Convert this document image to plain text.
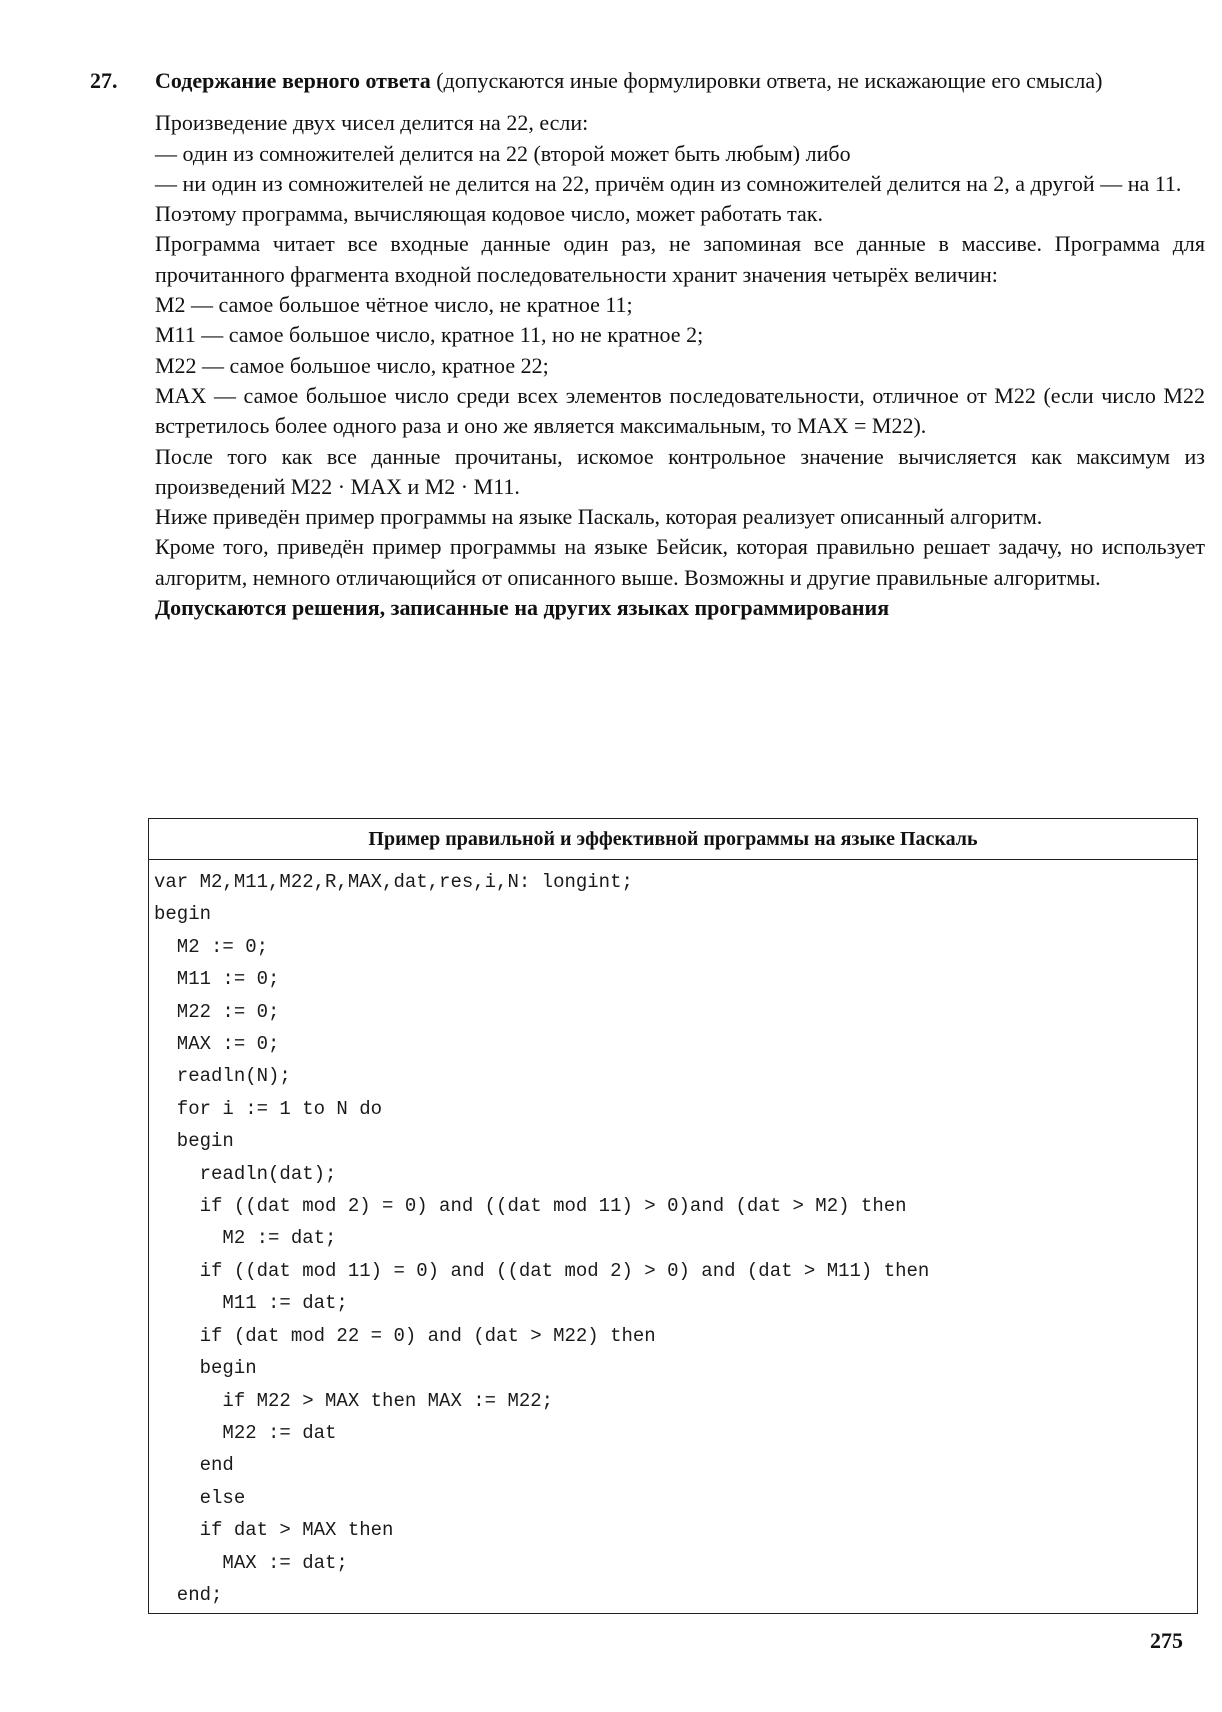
27. Содержание верного ответа (допускаются иные формулировки ответа, не искажающие его смысла)

Произведение двух чисел делится на 22, если:

— один из сомножителей делится на 22 (второй может быть любым) либо

— ни один из сомножителей не делится на 22, причём один из сомножителей делится на 2, а другой — на 11.

Поэтому программа, вычисляющая кодовое число, может работать так.

Программа читает все входные данные один раз, не запоминая все данные в массиве. Программа для прочитанного фрагмента входной последовательности хранит значения четырёх величин:

M2 — самое большое чётное число, не кратное 11;

M11 — самое большое число, кратное 11, но не кратное 2;

M22 — самое большое число, кратное 22;

MAX — самое большое число среди всех элементов последовательности, отличное от M22 (если число M22 встретилось более одного раза и оно же является максимальным, то MAX = M22).

После того как все данные прочитаны, искомое контрольное значение вычисляется как максимум из произведений M22 · MAX и M2 · M11.

Ниже приведён пример программы на языке Паскаль, которая реализует описанный алгоритм.

Кроме того, приведён пример программы на языке Бейсик, которая правильно решает задачу, но использует алгоритм, немного отличающийся от описанного выше. Возможны и другие правильные алгоритмы.

Допускаются решения, записанные на других языках программирования

Пример правильной и эффективной программы на языке Паскаль
var M2,M11,M22,R,MAX,dat,res,i,N: longint;
begin
M2 := 0;
M11 := 0;
M22 := 0;
MAX := 0;
readln(N);
for i := 1 to N do
begin
readln(dat);
if ((dat mod 2) = 0) and ((dat mod 11) > 0)and (dat > M2) then
M2 := dat;
if ((dat mod 11) = 0) and ((dat mod 2) > 0) and (dat > M11) then
M11 := dat;
if (dat mod 22 = 0) and (dat > M22) then
begin
if M22 > MAX then MAX := M22;
M22 := dat
end
else
if dat > MAX then
MAX := dat;
end;
275
